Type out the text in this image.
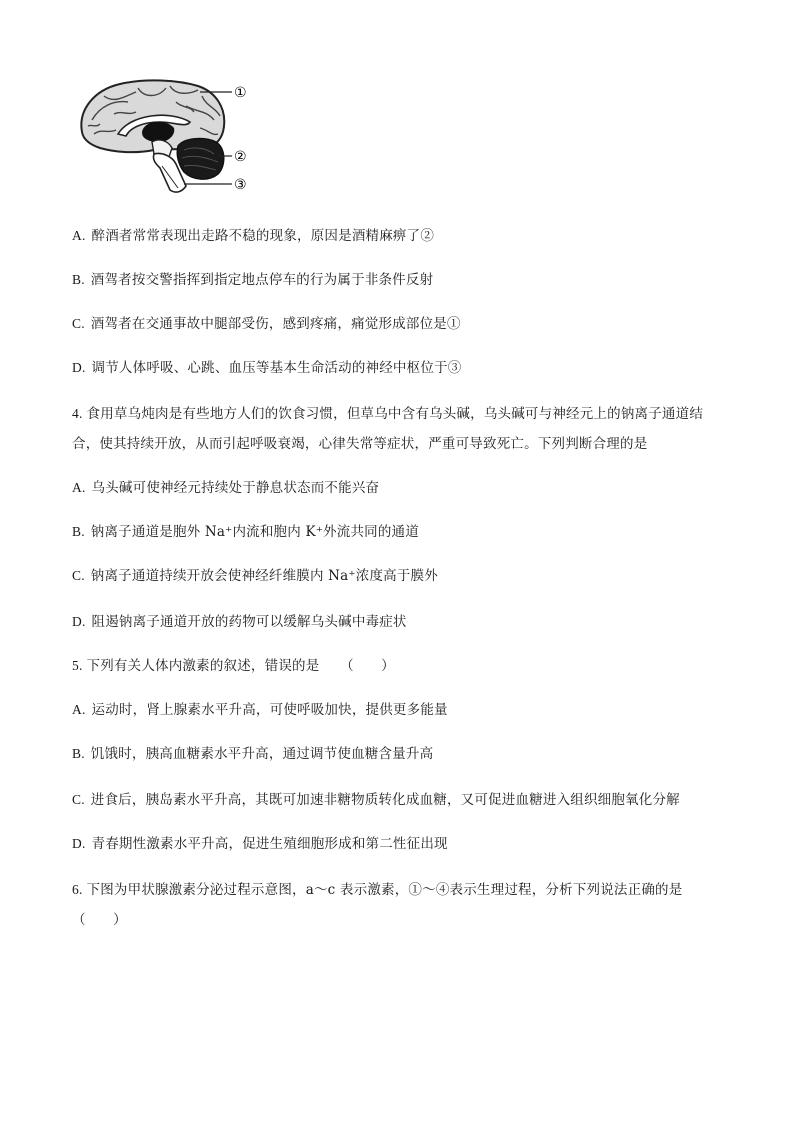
①
②
③
A. 醉酒者常常表现出走路不稳的现象，原因是酒精麻痹了②
B. 酒驾者按交警指挥到指定地点停车的行为属于非条件反射
C. 酒驾者在交通事故中腿部受伤，感到疼痛，痛觉形成部位是①
D. 调节人体呼吸、心跳、血压等基本生命活动的神经中枢位于③
4. 食用草乌炖肉是有些地方人们的饮食习惯，但草乌中含有乌头碱，乌头碱可与神经元上的钠离子通道结
合，使其持续开放，从而引起呼吸衰竭，心律失常等症状，严重可导致死亡。下列判断合理的是
A. 乌头碱可使神经元持续处于静息状态而不能兴奋
B. 钠离子通道是胞外 Na⁺内流和胞内 K⁺外流共同的通道
C. 钠离子通道持续开放会使神经纤维膜内 Na⁺浓度高于膜外
D. 阻遏钠离子通道开放的药物可以缓解乌头碱中毒症状
5. 下列有关人体内激素的叙述，错误的是　　（　　）
A. 运动时，肾上腺素水平升高，可使呼吸加快，提供更多能量
B. 饥饿时，胰高血糖素水平升高，通过调节使血糖含量升高
C. 进食后，胰岛素水平升高，其既可加速非糖物质转化成血糖，又可促进血糖进入组织细胞氧化分解
D. 青春期性激素水平升高，促进生殖细胞形成和第二性征出现
6. 下图为甲状腺激素分泌过程示意图，a～c 表示激素，①～④表示生理过程，分析下列说法正确的是
（　　）
